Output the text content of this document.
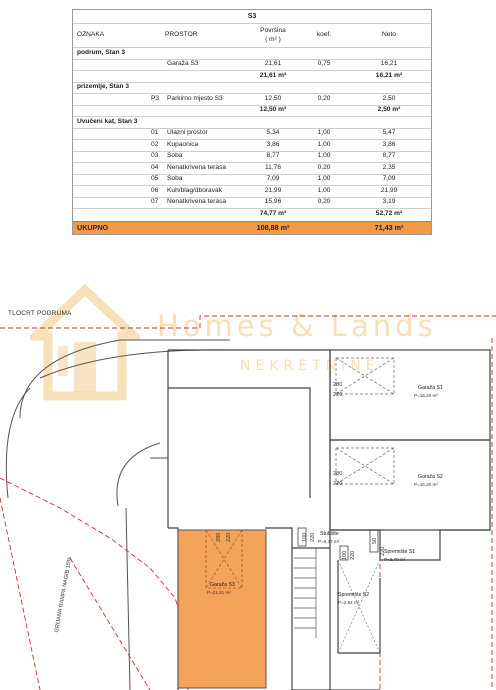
S3
OZNAKA	PROSTOR
Površina
( m² )
koef.	Neto
podrum, Stan 3
Garaža S3	21,61	0,75	16,21
21,61 m²	16,21 m²
prizemlje, Stan 3
P3 Parkirno mjesto S3	12,50	0,20	2,50
12,50 m²	2,50 m²
Uvučeni kat, Stan 3
01 Ulazni prostor	5,34	1,00	5,47
02 Kupaonica	3,86	1,00	3,86
03 Soba	8,77	1,00	8,77
04 Nenatkrivena terasa	11,76	0,20	2,35
05 Soba	7,09	1,00	7,09
06 Kuh/blag/dboravak	21,99	1,00	21,99
07 Nenatkrivena terasa	15,96	0,20	3,19
74,77 m²	52,72 m²
UKUPNO	108,88 m²	71,43 m²
Homes & Lands
NEKRETNINE
TLOCRT PODRUMA
Garaža S1
P=16,20 m²
Garaža S2
P=16,20 m²
Garaža S3
P=21,61 m²
Stubište
P=6,37 m²
Spremište S1
P=3,79 m²
Spremište S2
P=2,94 m²
280
220
280
220
280 220	100 220
100 220
50
220
GRIJANA RAMPA NAGIB 15%
